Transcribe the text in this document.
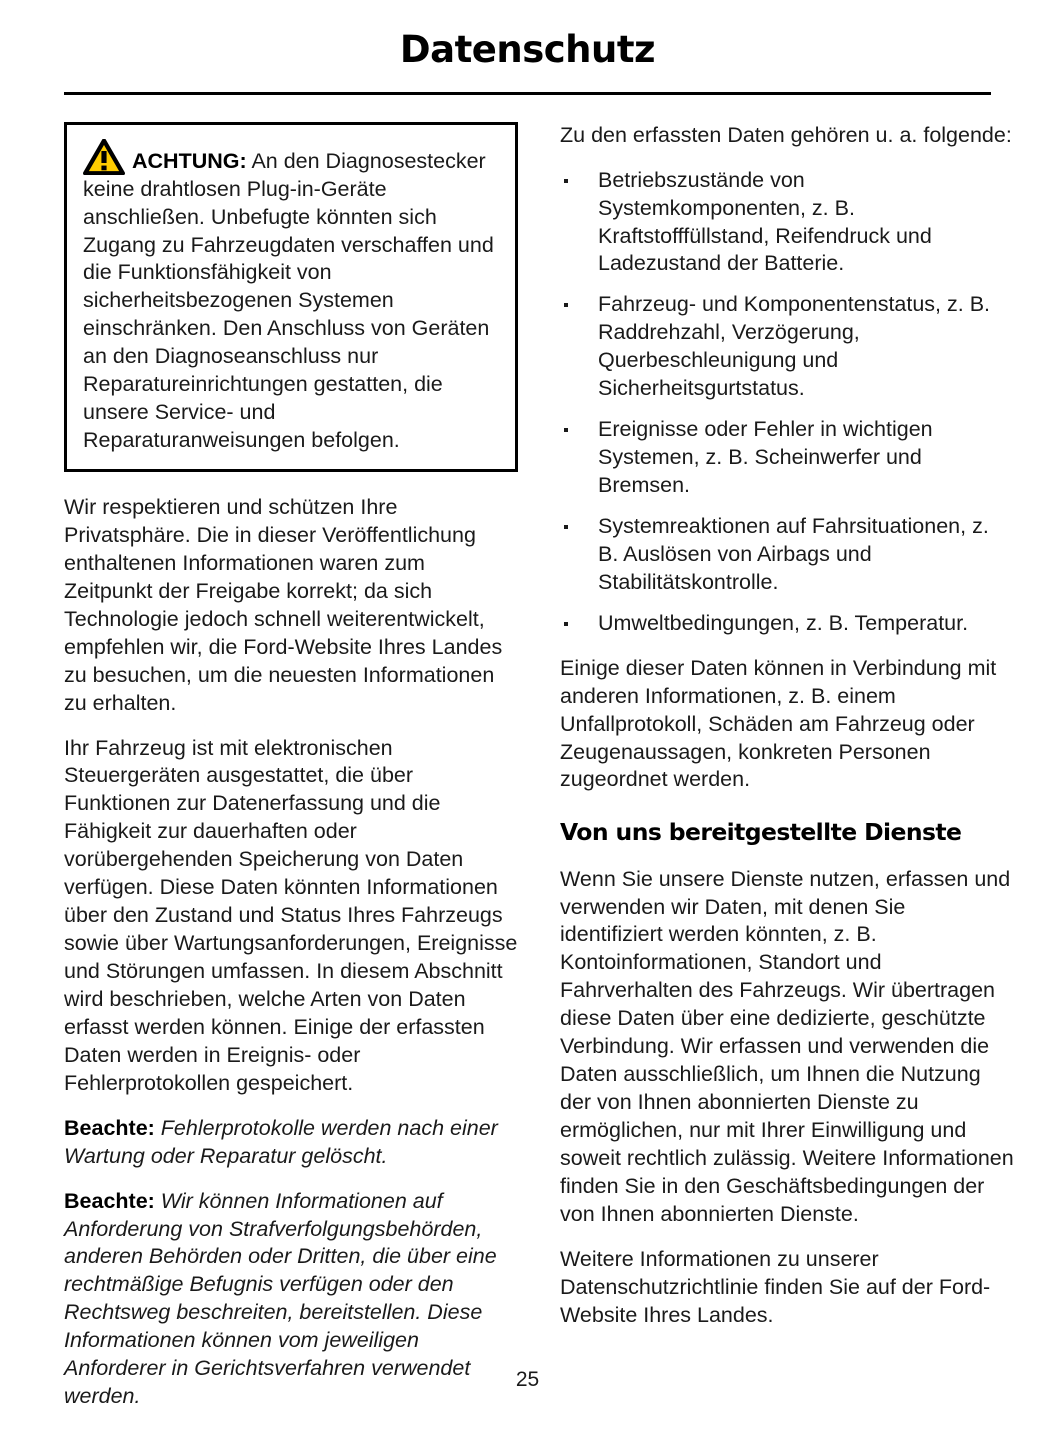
Datenschutz

ACHTUNG: An den Diagnosestecker keine drahtlosen Plug-in-Geräte anschließen. Unbefugte könnten sich Zugang zu Fahrzeugdaten verschaffen und die Funktionsfähigkeit von sicherheitsbezogenen Systemen einschränken. Den Anschluss von Geräten an den Diagnoseanschluss nur Reparatureinrichtungen gestatten, die unsere Service- und Reparaturanweisungen befolgen.

Wir respektieren und schützen Ihre Privatsphäre. Die in dieser Veröffentlichung enthaltenen Informationen waren zum Zeitpunkt der Freigabe korrekt; da sich Technologie jedoch schnell weiterentwickelt, empfehlen wir, die Ford-Website Ihres Landes zu besuchen, um die neuesten Informationen zu erhalten.

Ihr Fahrzeug ist mit elektronischen Steuergeräten ausgestattet, die über Funktionen zur Datenerfassung und die Fähigkeit zur dauerhaften oder vorübergehenden Speicherung von Daten verfügen. Diese Daten könnten Informationen über den Zustand und Status Ihres Fahrzeugs sowie über Wartungsanforderungen, Ereignisse und Störungen umfassen. In diesem Abschnitt wird beschrieben, welche Arten von Daten erfasst werden können. Einige der erfassten Daten werden in Ereignis- oder Fehlerprotokollen gespeichert.

Beachte: Fehlerprotokolle werden nach einer Wartung oder Reparatur gelöscht.

Beachte: Wir können Informationen auf Anforderung von Strafverfolgungsbehörden, anderen Behörden oder Dritten, die über eine rechtmäßige Befugnis verfügen oder den Rechtsweg beschreiten, bereitstellen. Diese Informationen können vom jeweiligen Anforderer in Gerichtsverfahren verwendet werden.

Zu den erfassten Daten gehören u. a. folgende:

Betriebszustände von Systemkomponenten, z. B. Kraftstofffüllstand, Reifendruck und Ladezustand der Batterie.
Fahrzeug- und Komponentenstatus, z. B. Raddrehzahl, Verzögerung, Querbeschleunigung und Sicherheitsgurtstatus.
Ereignisse oder Fehler in wichtigen Systemen, z. B. Scheinwerfer und Bremsen.
Systemreaktionen auf Fahrsituationen, z. B. Auslösen von Airbags und Stabilitätskontrolle.
Umweltbedingungen, z. B. Temperatur.

Einige dieser Daten können in Verbindung mit anderen Informationen, z. B. einem Unfallprotokoll, Schäden am Fahrzeug oder Zeugenaussagen, konkreten Personen zugeordnet werden.

Von uns bereitgestellte Dienste

Wenn Sie unsere Dienste nutzen, erfassen und verwenden wir Daten, mit denen Sie identifiziert werden könnten, z. B. Kontoinformationen, Standort und Fahrverhalten des Fahrzeugs. Wir übertragen diese Daten über eine dedizierte, geschützte Verbindung. Wir erfassen und verwenden die Daten ausschließlich, um Ihnen die Nutzung der von Ihnen abonnierten Dienste zu ermöglichen, nur mit Ihrer Einwilligung und soweit rechtlich zulässig. Weitere Informationen finden Sie in den Geschäftsbedingungen der von Ihnen abonnierten Dienste.

Weitere Informationen zu unserer Datenschutzrichtlinie finden Sie auf der Ford-Website Ihres Landes.

25
